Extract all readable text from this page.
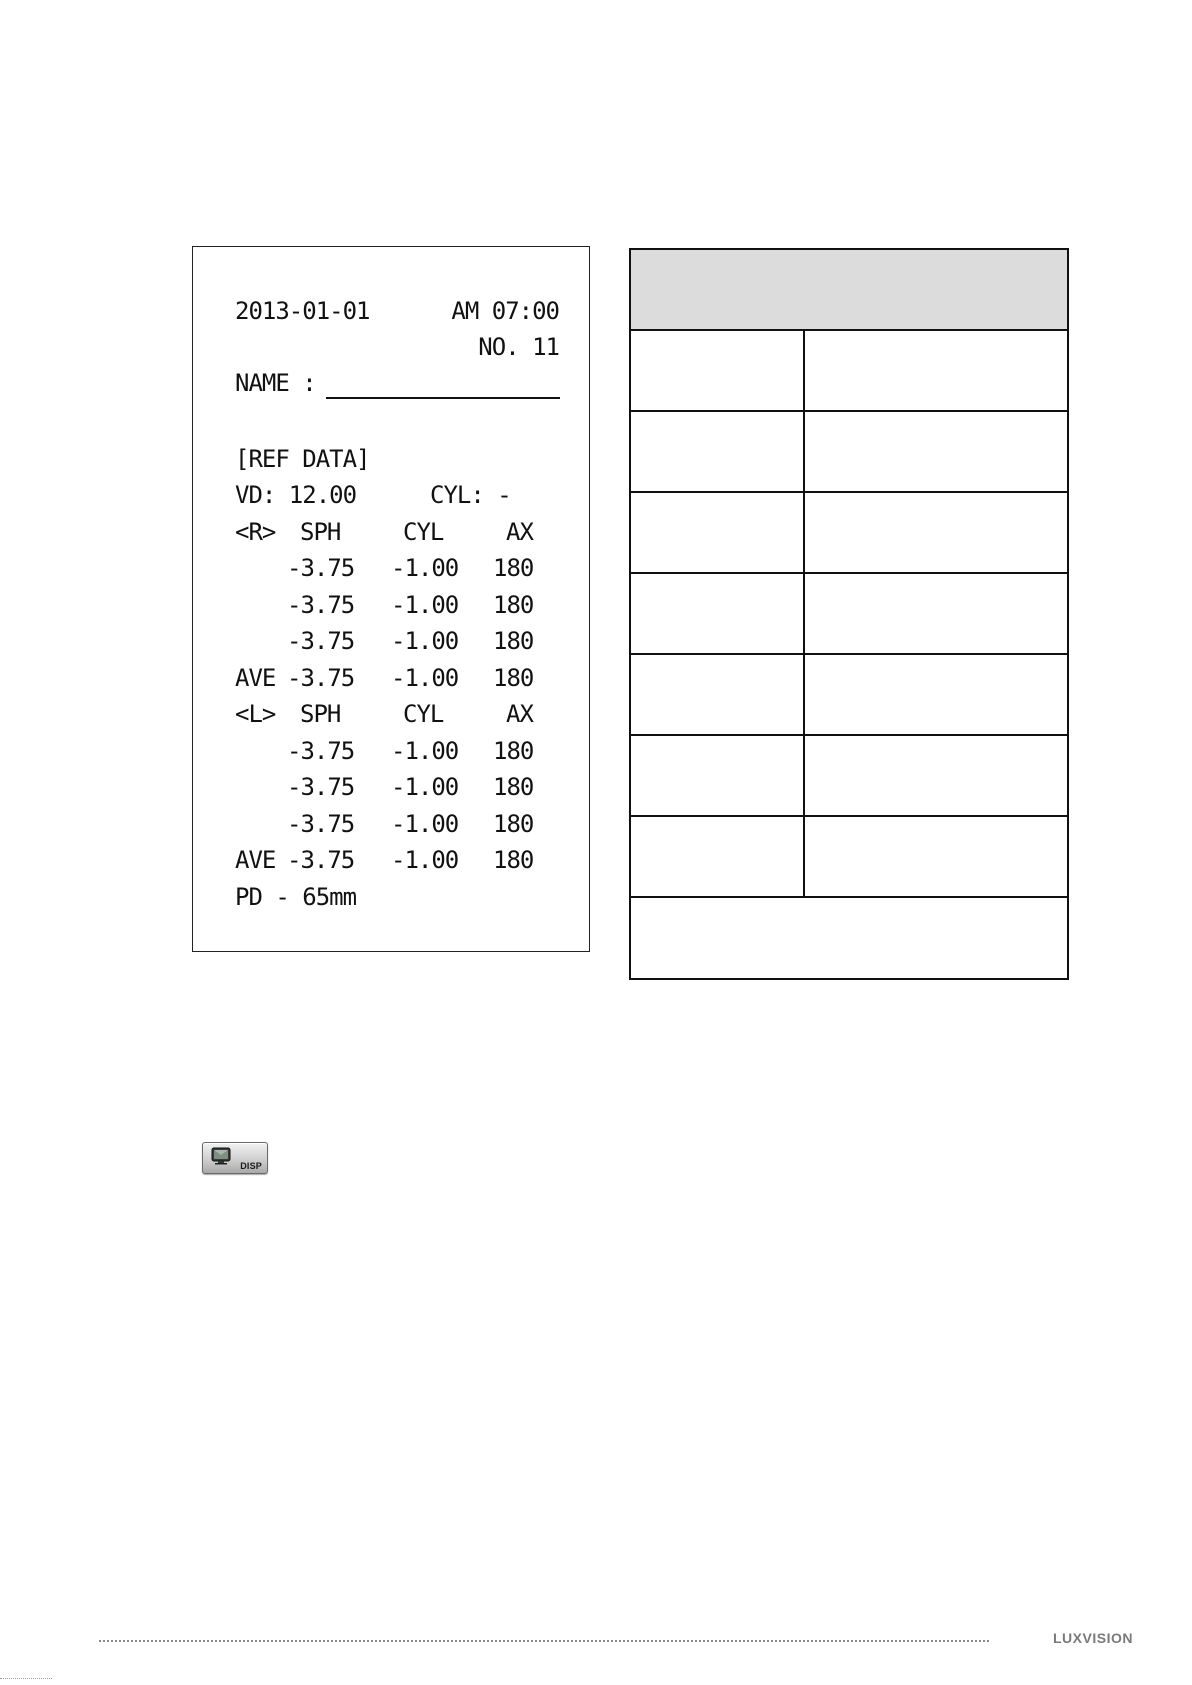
2013-01-01	AM 07:00
NO. 11
NAME :
[REF DATA]
VD: 12.00	CYL: -
<R> SPH	CYL	AX
-3.75 -1.00 180
-3.75 -1.00 180
-3.75 -1.00 180
AVE -3.75 -1.00 180
<L> SPH	CYL	AX
-3.75 -1.00 180
-3.75 -1.00 180
-3.75 -1.00 180
AVE -3.75 -1.00 180
PD - 65mm
DISP
LUXVISION
